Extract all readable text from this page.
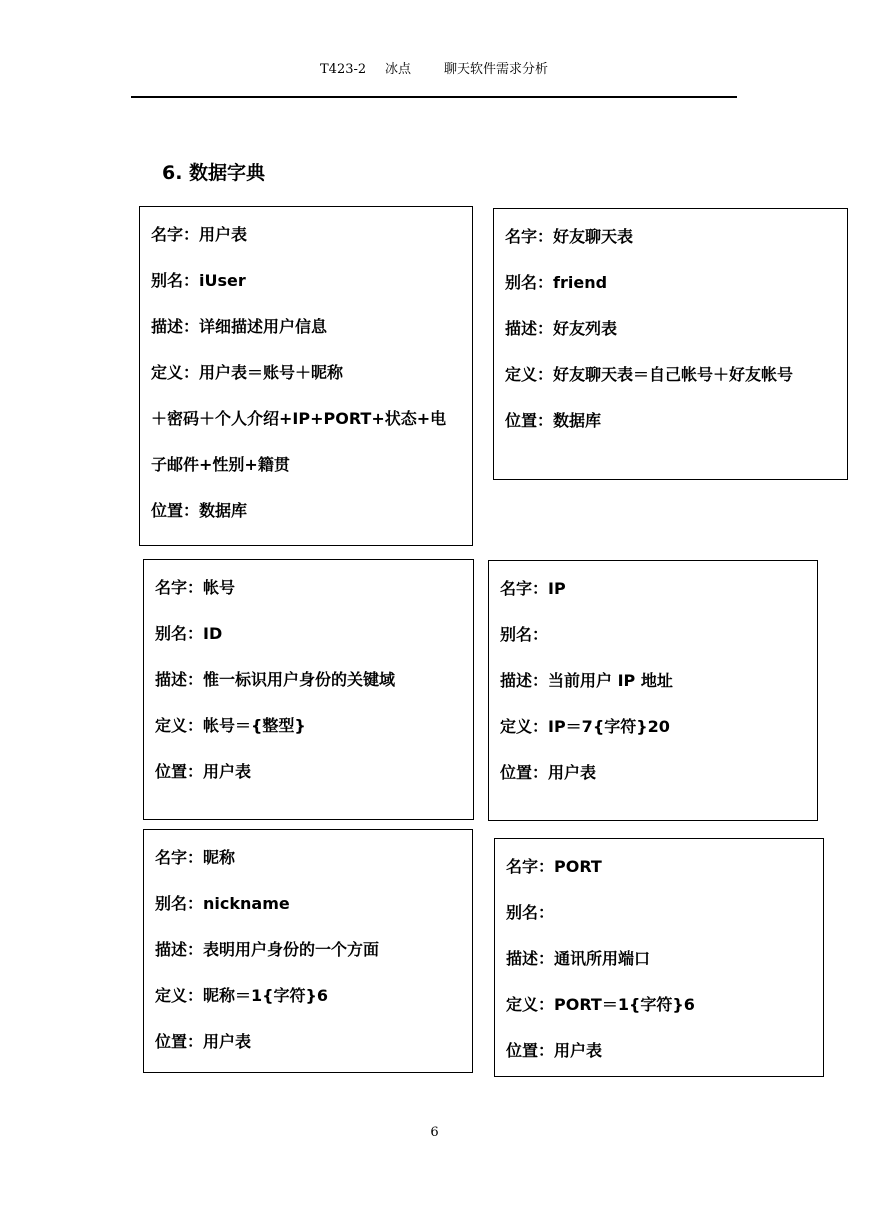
T423-2 冰点	聊天软件需求分析
6. 数据字典
名字：用户表
别名：iUser
描述：详细描述用户信息
定义：用户表＝账号＋昵称
＋密码＋个人介绍+IP+PORT+状态+电
子邮件+性别+籍贯
位置：数据库
名字：好友聊天表
别名：friend
描述：好友列表
定义：好友聊天表＝自己帐号＋好友帐号
位置：数据库
名字：帐号
别名：ID
描述：惟一标识用户身份的关键域
定义：帐号＝{整型}
位置：用户表
名字：IP
别名：
描述：当前用户 IP 地址
定义：IP＝7{字符}20
位置：用户表
名字：昵称
别名：nickname
描述：表明用户身份的一个方面
定义：昵称＝1{字符}6
位置：用户表
名字：PORT
别名：
描述：通讯所用端口
定义：PORT＝1{字符}6
位置：用户表
6
